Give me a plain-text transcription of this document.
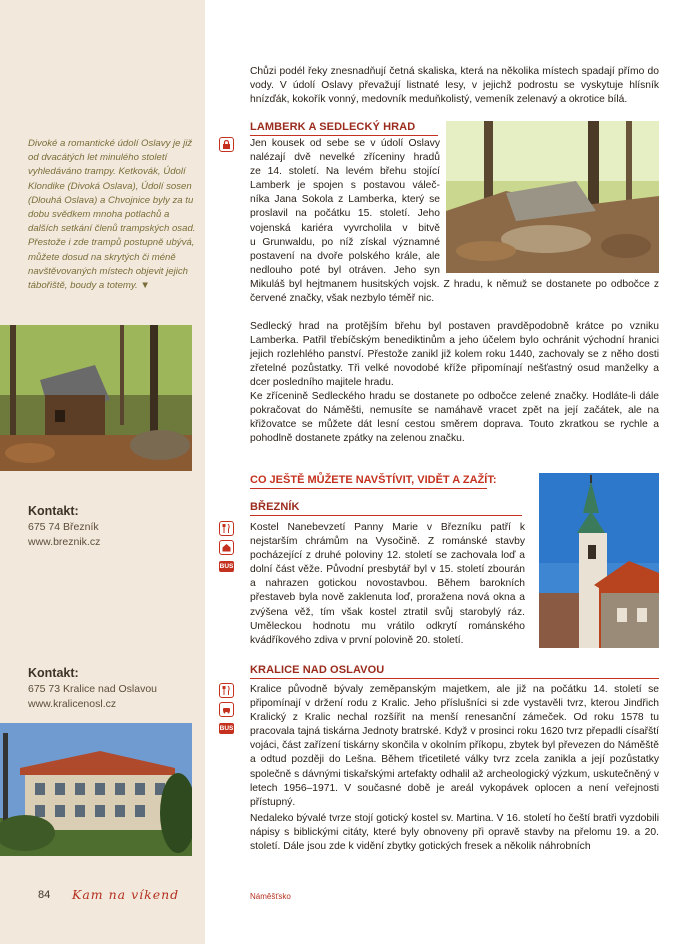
Divoké a romantické údolí Oslavy je již od dvacátých let minulého století vyhledáváno trampy. Ketkovák, Údolí Klondike (Divoká Oslava), Údolí sosen (Dlouhá Oslava) a Chvojnice byly za tu dobu svědkem mnoha potlachů a dalších setkání členů trampských osad. Přestože i zde trampů postupně ubývá, můžete dosud na skrytých či méně navštěvovaných místech objevit jejich tábořiště, boudy a totemy. ▼
Kontakt:
675 74 Březník
www.breznik.cz
Kontakt:
675 73 Kralice nad Oslavou
www.kralicenosl.cz
Chůzi podél řeky znesnadňují četná skaliska, která na několika místech spadají přímo do vody. V údolí Oslavy převažují listnaté lesy, v jejichž podrostu se vyskytuje hlísník hnízďák, kokořík vonný, medovník meduňkolistý, vemeník zelenavý a okrotice bílá.
LAMBERK A SEDLECKÝ HRAD
Jen kousek od sebe se v údolí Oslavy
nalézají dvě nevelké zříceniny hradů
ze 14. století. Na levém břehu stojící
Lamberk je spojen s postavou váleč-
níka Jana Sokola z Lamberka, který se
proslavil na počátku 15. století. Jeho
vojenská kariéra vyvrcholila v bitvě
u Grunwaldu, po níž získal významné
postavení na dvoře polského krále, ale
nedlouho poté byl otráven. Jeho syn
Mikuláš byl hejtmanem husitských vojsk. Z hradu, k němuž se dostanete po odbočce z červené značky, však nezbylo téměř nic.
Sedlecký hrad na protějším břehu byl postaven pravděpodobně krátce po vzniku Lamberka. Patřil třebíčským benediktinům a jeho účelem bylo ochránit východní hranici jejich rozlehlého panství. Přestože zanikl již kolem roku 1440, zachovaly se z něho dosti zřetelné pozůstatky. Tři velké novodobé kříže připomínají nešťastný osud manželky a dcer posledního majitele hradu.
Ke zřícenině Sedleckého hradu se dostanete po odbočce zelené značky. Hodláte-li dále pokračovat do Náměšti, nemusíte se namáhavě vracet zpět na její začátek, ale na křižovatce se můžete dát lesní cestou směrem doprava. Touto zkratkou se rychle a pohodlně dostanete zpátky na zelenou značku.
CO JEŠTĚ MŮŽETE NAVŠTÍVIT, VIDĚT A ZAŽÍT:
BŘEZNÍK
BUS
Kostel Nanebevzetí Panny Marie v Březníku patří k nejstarším chrámům na Vysočině. Z románské stavby pocházející z druhé poloviny 12. století se zachovala loď a dolní část věže. Původní presbytář byl v 15. století zbourán a nahrazen gotickou novostavbou. Během barokních přestaveb byla nově zaklenuta loď, proražena nová okna a zvýšena věž, tím však kostel ztratil svůj starobylý ráz. Uměleckou hodnotu mu vrátilo odkrytí románského kvádříkového zdiva v první polovině 20. století.
KRALICE NAD OSLAVOU
BUS
Kralice původně bývaly zeměpanským majetkem, ale již na počátku 14. století se připomínají v držení rodu z Kralic. Jeho příslušníci si zde vystavěli tvrz, kterou Jindřich Kralický z Kralic nechal rozšířit na menší renesanční zámeček. Od roku 1578 tu pracovala tajná tiskárna Jednoty bratrské. Když v prosinci roku 1620 tvrz přepadli císařští vojáci, část zařízení tiskárny skončila v okolním příkopu, zbytek byl převezen do Náměště a odtud později do Lešna. Během třicetileté války tvrz zcela zanikla a její pozůstatky společně s dávnými tiskařskými artefakty odhalil až archeologický výzkum, uskutečněný v letech 1956–1971. V současné době je areál vykopávek oplocen a není veřejnosti přístupný.
Nedaleko bývalé tvrze stojí gotický kostel sv. Martina. V 16. století ho čeští bratři vyzdobili nápisy s biblickými citáty, které byly obnoveny při opravě stavby na přelomu 19. a 20. století. Dále jsou zde k vidění zbytky gotických fresek a několik náhrobních
84 Kam na víkend	Náměšťsko
